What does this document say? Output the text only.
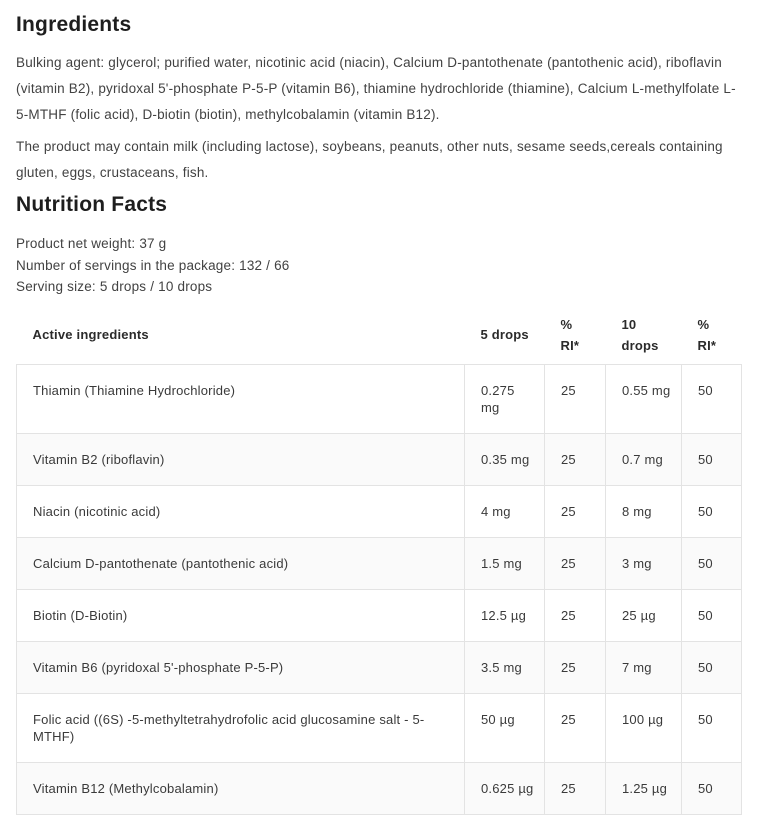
Ingredients

Bulking agent: glycerol; purified water, nicotinic acid (niacin), Calcium D-pantothenate (pantothenic acid), riboflavin (vitamin B2), pyridoxal 5'-phosphate P-5-P (vitamin B6), thiamine hydrochloride (thiamine), Calcium L-methylfolate L-5-MTHF (folic acid), D-biotin (biotin), methylcobalamin (vitamin B12).

The product may contain milk (including lactose), soybeans, peanuts, other nuts, sesame seeds,cereals containing gluten, eggs, crustaceans, fish.

Nutrition Facts

Product net weight: 37 g

Number of servings in the package: 132 / 66

Serving size: 5 drops / 10 drops

Active ingredients	5 drops	% RI*	10 drops	% RI*
Thiamin (Thiamine Hydrochloride)	0.275 mg	25	0.55 mg	50
Vitamin B2 (riboflavin)	0.35 mg	25	0.7 mg	50
Niacin (nicotinic acid)	4 mg	25	8 mg	50
Calcium D-pantothenate (pantothenic acid)	1.5 mg	25	3 mg	50
Biotin (D-Biotin)	12.5 µg	25	25 µg	50
Vitamin B6 (pyridoxal 5'-phosphate P-5-P)	3.5 mg	25	7 mg	50
Folic acid ((6S) -5-methyltetrahydrofolic acid glucosamine salt - 5-MTHF)	50 µg	25	100 µg	50
Vitamin B12 (Methylcobalamin)	0.625 µg	25	1.25 µg	50
